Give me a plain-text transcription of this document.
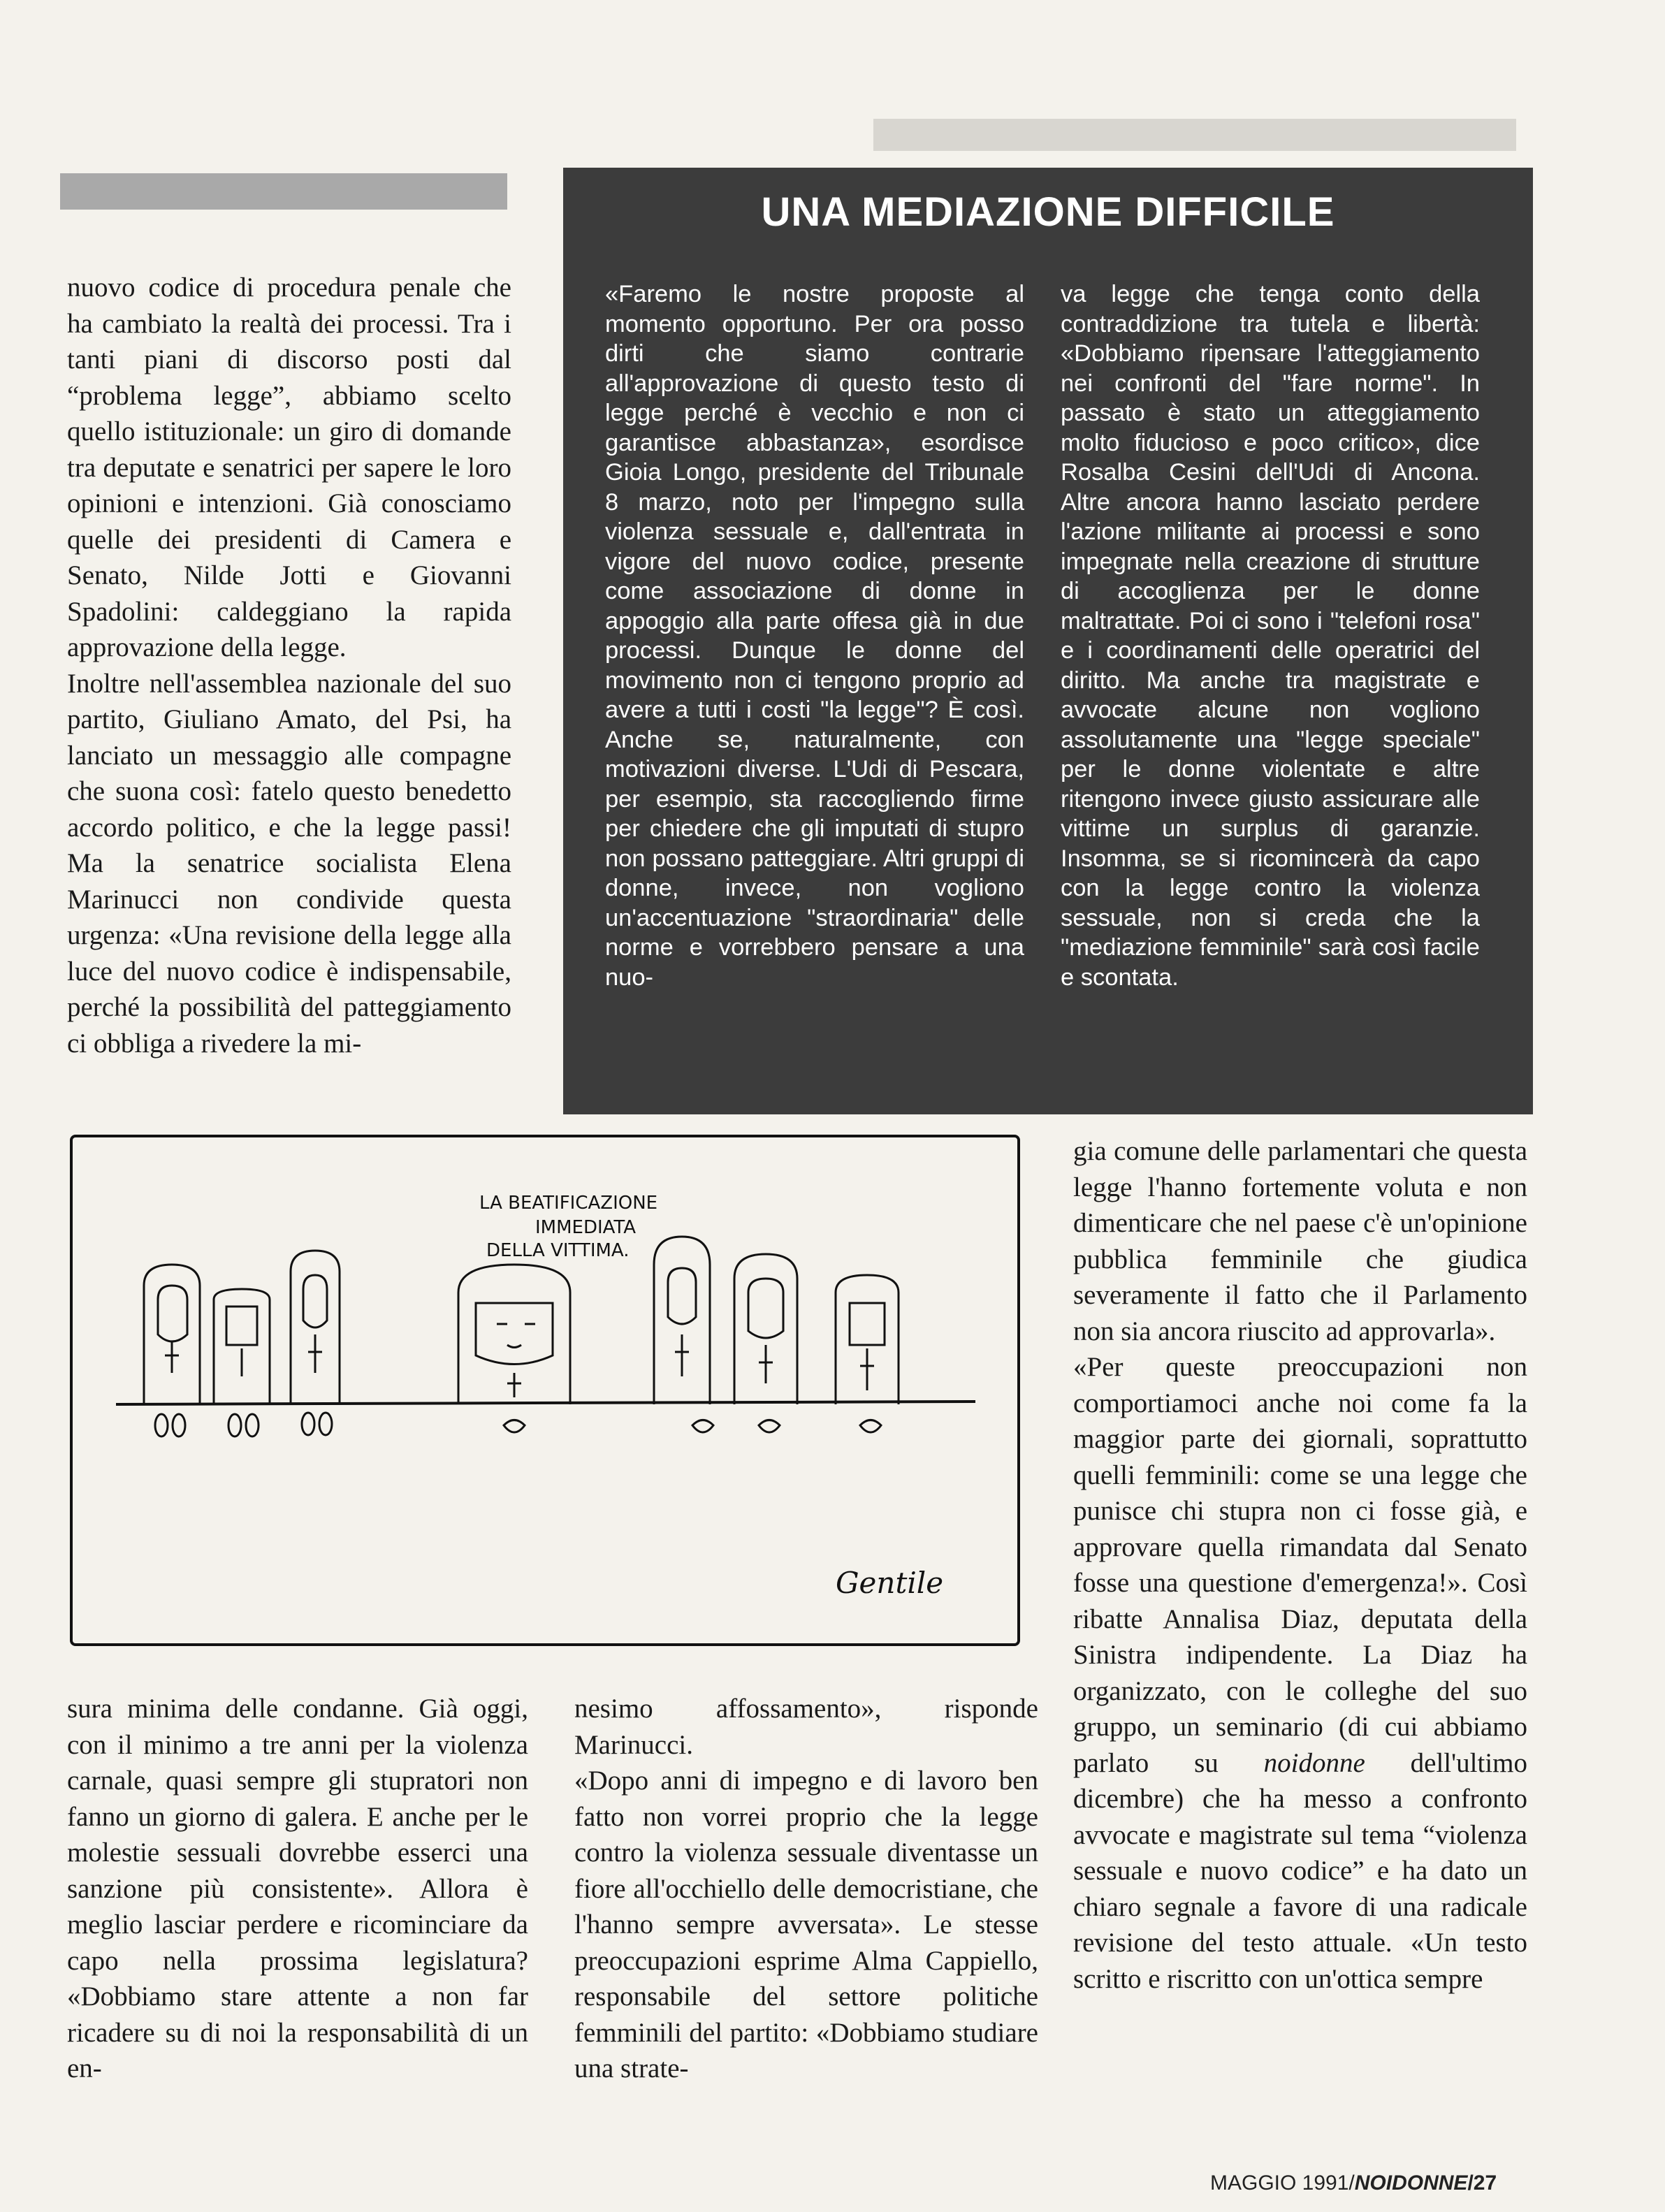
nuovo codice di procedura penale che ha cambiato la realtà dei processi. Tra i tanti piani di discorso posti dal “problema legge”, abbiamo scelto quello istituzionale: un giro di domande tra deputate e senatrici per sapere le loro opinioni e intenzioni. Già conosciamo quelle dei presidenti di Camera e Senato, Nilde Jotti e Giovanni Spadolini: caldeggiano la rapida approvazione della legge.

Inoltre nell'assemblea nazionale del suo partito, Giuliano Amato, del Psi, ha lanciato un messaggio alle compagne che suona così: fatelo questo benedetto accordo politico, e che la legge passi! Ma la senatrice socialista Elena Marinucci non condivide questa urgenza: «Una revisione della legge alla luce del nuovo codice è indispensabile, perché la possibilità del patteggiamento ci obbliga a rivedere la mi-

UNA MEDIAZIONE DIFFICILE
«Faremo le nostre proposte al momento opportuno. Per ora posso dirti che siamo contrarie all'approvazione di questo testo di legge perché è vecchio e non ci garantisce abbastanza», esordisce Gioia Longo, presidente del Tribunale 8 marzo, noto per l'impegno sulla violenza sessuale e, dall'entrata in vigore del nuovo codice, presente come associazione di donne in appoggio alla parte offesa già in due processi. Dunque le donne del movimento non ci tengono proprio ad avere a tutti i costi "la legge"? È così. Anche se, naturalmente, con motivazioni diverse. L'Udi di Pescara, per esempio, sta raccogliendo firme per chiedere che gli imputati di stupro non possano patteggiare. Altri gruppi di donne, invece, non vogliono un'accentuazione "straordinaria" delle norme e vorrebbero pensare a una nuo-
va legge che tenga conto della contraddizione tra tutela e libertà: «Dobbiamo ripensare l'atteggiamento nei confronti del "fare norme". In passato è stato un atteggiamento molto fiducioso e poco critico», dice Rosalba Cesini dell'Udi di Ancona. Altre ancora hanno lasciato perdere l'azione militante ai processi e sono impegnate nella creazione di strutture di accoglienza per le donne maltrattate. Poi ci sono i "telefoni rosa" e i coordinamenti delle operatrici del diritto. Ma anche tra magistrate e avvocate alcune non vogliono assolutamente una "legge speciale" per le donne violentate e altre ritengono invece giusto assicurare alle vittime un surplus di garanzie. Insomma, se si ricomincerà da capo con la legge contro la violenza sessuale, non si creda che la "mediazione femminile" sarà così facile e scontata.
LA BEATIFICAZIONE
IMMEDIATA
DELLA VITTIMA.
Gentile

gia comune delle parlamentari che questa legge l'hanno fortemente voluta e non dimenticare che nel paese c'è un'opinione pubblica femminile che giudica severamente il fatto che il Parlamento non sia ancora riuscito ad approvarla».

«Per queste preoccupazioni non comportiamoci anche noi come fa la maggior parte dei giornali, soprattutto quelli femminili: come se una legge che punisce chi stupra non ci fosse già, e approvare quella rimandata dal Senato fosse una questione d'emergenza!». Così ribatte Annalisa Diaz, deputata della Sinistra indipendente. La Diaz ha organizzato, con le colleghe del suo gruppo, un seminario (di cui abbiamo parlato su noidonne dell'ultimo dicembre) che ha messo a confronto avvocate e magistrate sul tema “violenza sessuale e nuovo codice” e ha dato un chiaro segnale a favore di una radicale revisione del testo attuale. «Un testo scritto e riscritto con un'ottica sempre

sura minima delle condanne. Già oggi, con il minimo a tre anni per la violenza carnale, quasi sempre gli stupratori non fanno un giorno di galera. E anche per le molestie sessuali dovrebbe esserci una sanzione più consistente». Allora è meglio lasciar perdere e ricominciare da capo nella prossima legislatura? «Dobbiamo stare attente a non far ricadere su di noi la responsabilità di un en-

nesimo affossamento», risponde Marinucci.

«Dopo anni di impegno e di lavoro ben fatto non vorrei proprio che la legge contro la violenza sessuale diventasse un fiore all'occhiello delle democristiane, che l'hanno sempre avversata». Le stesse preoccupazioni esprime Alma Cappiello, responsabile del settore politiche femminili del partito: «Dobbiamo studiare una strate-

MAGGIO 1991/NOIDONNE/27
